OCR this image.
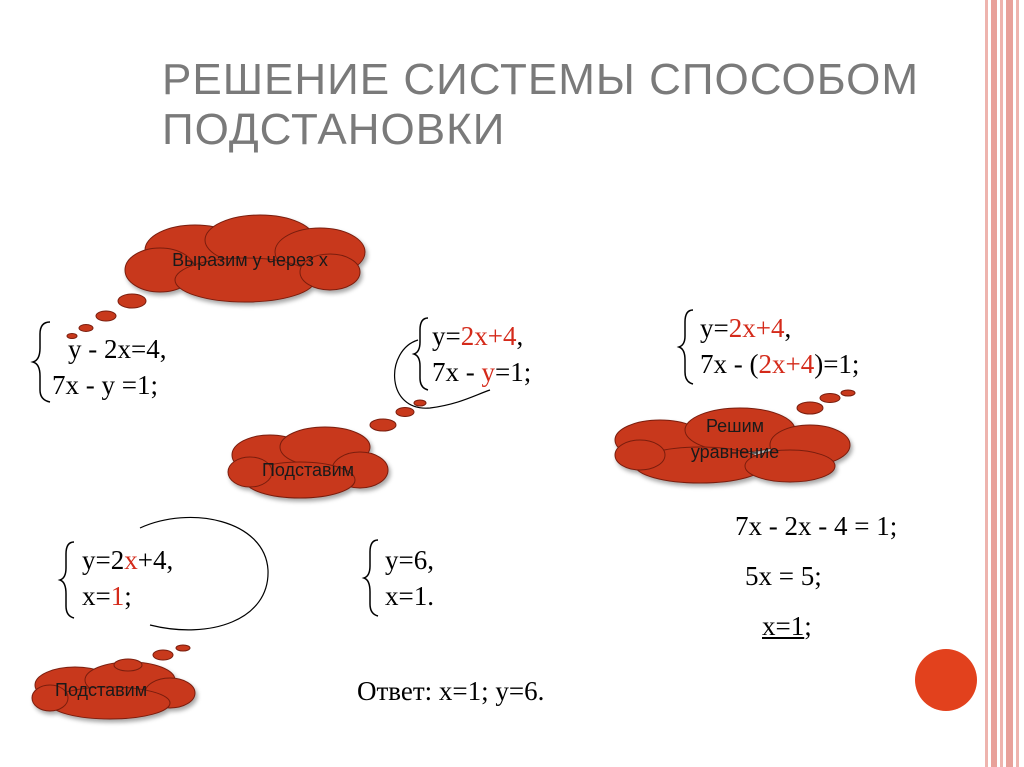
РЕШЕНИЕ СИСТЕМЫ СПОСОБОМ
ПОДСТАНОВКИ
Выразим у через х
Подставим
Решим
уравнение
Подставим
у - 2х=4,
7х - у =1;
у=2х+4,
7х - у=1;
у=2х+4,
7х - (2х+4)=1;
7х - 2х - 4 = 1;
5х = 5;
х=1;
у=2х+4,
х=1;
у=6,
х=1.
Ответ: х=1; у=6.
